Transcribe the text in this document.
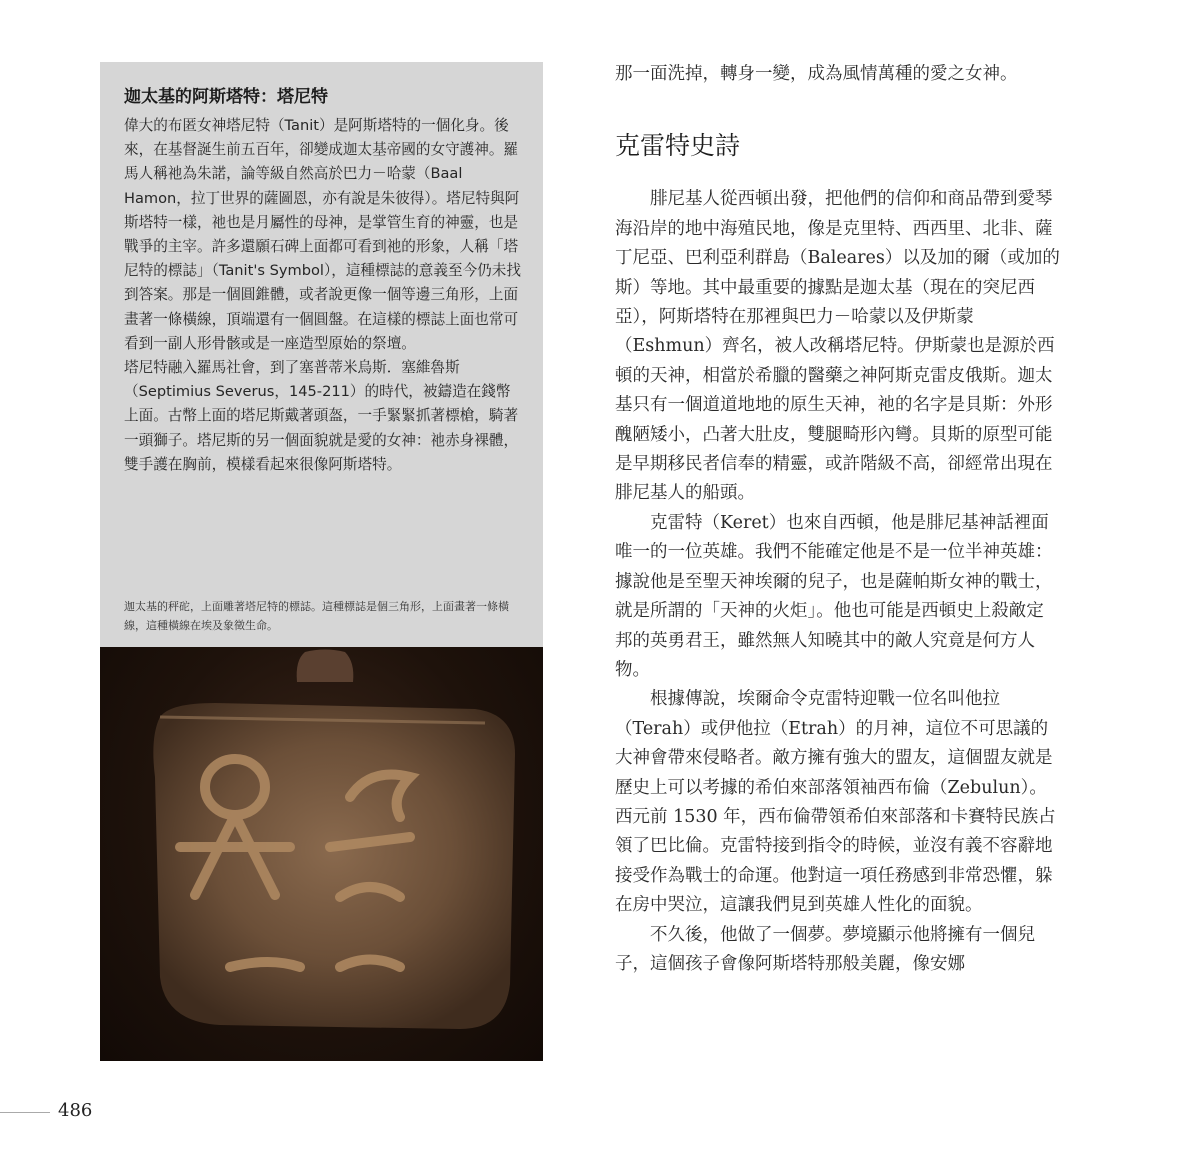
迦太基的阿斯塔特：塔尼特

偉大的布匿女神塔尼特（Tanit）是阿斯塔特的一個化身。後來，在基督誕生前五百年，卻變成迦太基帝國的女守護神。羅馬人稱祂為朱諾，論等級自然高於巴力－哈蒙（Baal Hamon，拉丁世界的薩圖恩，亦有說是朱彼得）。塔尼特與阿斯塔特一樣，祂也是月屬性的母神，是掌管生育的神靈，也是戰爭的主宰。許多還願石碑上面都可看到祂的形象，人稱「塔尼特的標誌」（Tanit's Symbol），這種標誌的意義至今仍未找到答案。那是一個圓錐體，或者說更像一個等邊三角形，上面畫著一條橫線，頂端還有一個圓盤。在這樣的標誌上面也常可看到一副人形骨骸或是一座造型原始的祭壇。

塔尼特融入羅馬社會，到了塞普蒂米烏斯．塞維魯斯（Septimius Severus，145-211）的時代，被鑄造在錢幣上面。古幣上面的塔尼斯戴著頭盔，一手緊緊抓著標槍，騎著一頭獅子。塔尼斯的另一個面貌就是愛的女神：祂赤身裸體，雙手護在胸前，模樣看起來很像阿斯塔特。

迦太基的秤砣，上面雕著塔尼特的標誌。這種標誌是個三角形，上面畫著一條橫線，這種橫線在埃及象徵生命。

那一面洗掉，轉身一變，成為風情萬種的愛之女神。

克雷特史詩

腓尼基人從西頓出發，把他們的信仰和商品帶到愛琴海沿岸的地中海殖民地，像是克里特、西西里、北非、薩丁尼亞、巴利亞利群島（Baleares）以及加的爾（或加的斯）等地。其中最重要的據點是迦太基（現在的突尼西亞），阿斯塔特在那裡與巴力－哈蒙以及伊斯蒙（Eshmun）齊名，被人改稱塔尼特。伊斯蒙也是源於西頓的天神，相當於希臘的醫藥之神阿斯克雷皮俄斯。迦太基只有一個道道地地的原生天神，祂的名字是貝斯：外形醜陋矮小，凸著大肚皮，雙腿畸形內彎。貝斯的原型可能是早期移民者信奉的精靈，或許階級不高，卻經常出現在腓尼基人的船頭。

克雷特（Keret）也來自西頓，他是腓尼基神話裡面唯一的一位英雄。我們不能確定他是不是一位半神英雄：據說他是至聖天神埃爾的兒子，也是薩帕斯女神的戰士，就是所謂的「天神的火炬」。他也可能是西頓史上殺敵定邦的英勇君王，雖然無人知曉其中的敵人究竟是何方人物。

根據傳說，埃爾命令克雷特迎戰一位名叫他拉（Terah）或伊他拉（Etrah）的月神，這位不可思議的大神會帶來侵略者。敵方擁有強大的盟友，這個盟友就是歷史上可以考據的希伯來部落領袖西布倫（Zebulun）。西元前 1530 年，西布倫帶領希伯來部落和卡賽特民族占領了巴比倫。克雷特接到指令的時候，並沒有義不容辭地接受作為戰士的命運。他對這一項任務感到非常恐懼，躲在房中哭泣，這讓我們見到英雄人性化的面貌。

不久後，他做了一個夢。夢境顯示他將擁有一個兒子，這個孩子會像阿斯塔特那般美麗，像安娜

486
